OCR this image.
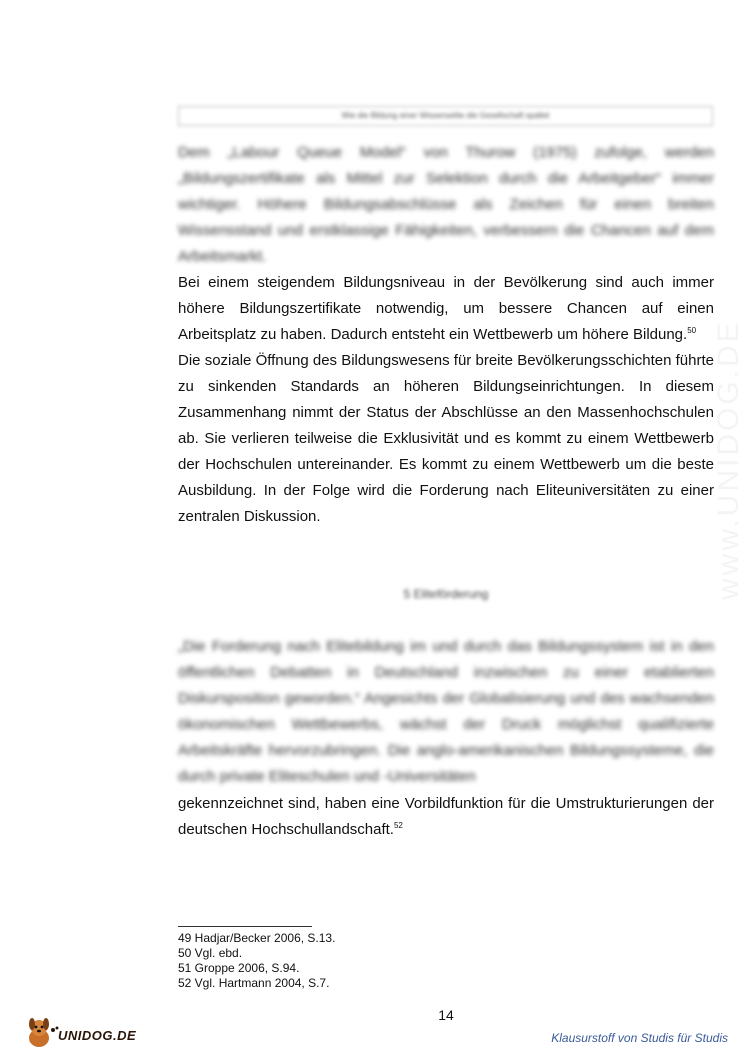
Wie die Bildung einer Wissenselite die Gesellschaft spaltet

Dem „Labour Queue Model“ von Thurow (1975) zufolge, werden „Bildungszertifikate als Mittel zur Selektion durch die Arbeitgeber“ immer wichtiger. Höhere Bildungsabschlüsse als Zeichen für einen breiten Wissensstand und erstklassige Fähigkeiten, verbessern die Chancen auf dem Arbeitsmarkt.

Bei einem steigendem Bildungsniveau in der Bevölkerung sind auch immer höhere Bildungszertifikate notwendig, um bessere Chancen auf einen Arbeitsplatz zu haben. Dadurch entsteht ein Wettbewerb um höhere Bildung.$^{50}$

Die soziale Öffnung des Bildungswesens für breite Bevölkerungsschichten führte zu sinkenden Standards an höheren Bildungseinrichtungen. In diesem Zusammenhang nimmt der Status der Abschlüsse an den Massenhochschulen ab. Sie verlieren teilweise die Exklusivität und es kommt zu einem Wettbewerb der Hochschulen untereinander. Es kommt zu einem Wettbewerb um die beste Ausbildung. In der Folge wird die Forderung nach Eliteuniversitäten zu einer zentralen Diskussion.

5 Eliteförderung

„Die Forderung nach Elitebildung im und durch das Bildungssystem ist in den öffentlichen Debatten in Deutschland inzwischen zu einer etablierten Diskursposition geworden.“ Angesichts der Globalisierung und des wachsenden ökonomischen Wettbewerbs, wächst der Druck möglichst qualifizierte Arbeitskräfte hervorzubringen. Die anglo-amerikanischen Bildungssysteme, die durch private Eliteschulen und -Universitäten

gekennzeichnet sind, haben eine Vorbildfunktion für die Umstrukturierungen der deutschen Hochschullandschaft.$^{52}$

49 Hadjar/Becker 2006, S.13.
50 Vgl. ebd.
51 Groppe 2006, S.94.
52 Vgl. Hartmann 2004, S.7.
14
UNIDOG.DE	Klausurstoff von Studis für Studis
